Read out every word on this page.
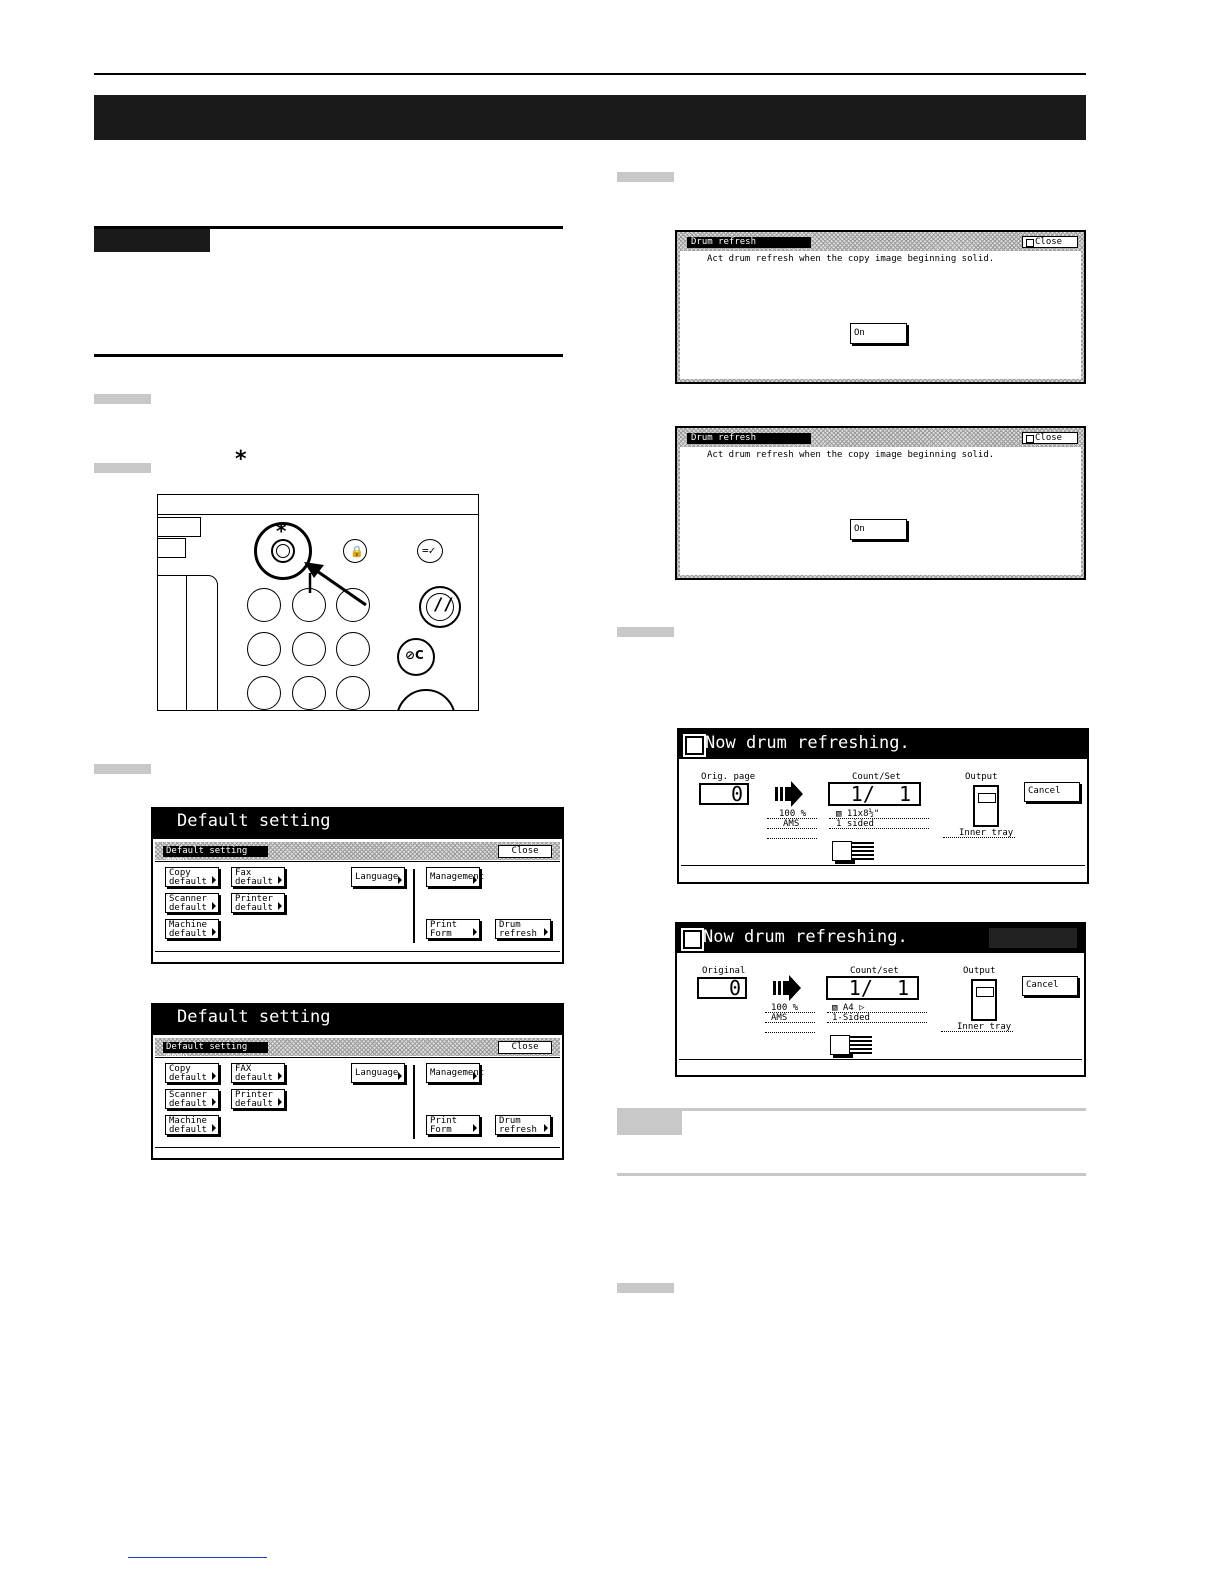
*
*
🔒	=✓
//
⊘C
Default setting
Default setting menu
Close
Copy
default
Fax
default	Language	Management
Scanner
default
Printer
default
Machine
default
Print
Form
Drum
refresh
Default setting
Default setting menu
Close
Copy
default
FAX
default	Language	Management
Scanner
default
Printer
default
Machine
default
Print
Form
Drum
refresh
Drum refresh	Close
Act drum refresh when the copy image beginning solid.
On
Drum refresh	Close
Act drum refresh when the copy image beginning solid.
On
Now drum refreshing.
Orig. page
0
100 %
AMS
Count/Set
1/  1
▧ 11x8½"
1 sided
Output
Inner tray
Cancel
Now drum refreshing.
Original
0
100 %
AMS
Count/set
1/  1
▧ A4 ▷
1-Sided
Output
Inner tray
Cancel
